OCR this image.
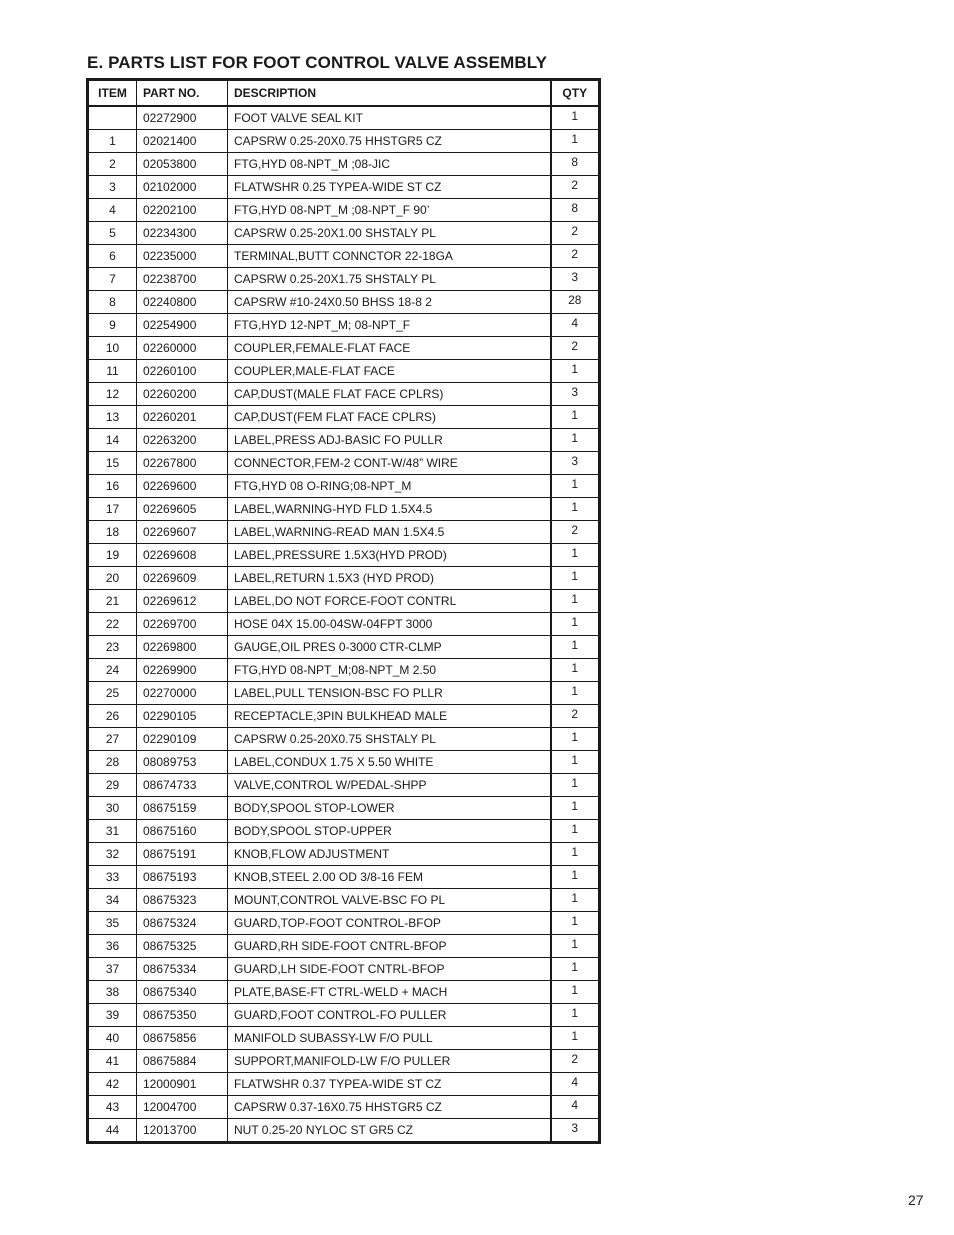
E. PARTS LIST FOR FOOT CONTROL VALVE ASSEMBLY
ITEM	PART NO.	DESCRIPTION	QTY
	02272900	FOOT VALVE SEAL KIT	1
1	02021400	CAPSRW 0.25-20X0.75 HHSTGR5 CZ	1
2	02053800	FTG,HYD 08-NPT_M ;08-JIC	8
3	02102000	FLATWSHR 0.25 TYPEA-WIDE ST CZ	2
4	02202100	FTG,HYD 08-NPT_M ;08-NPT_F 90’	8
5	02234300	CAPSRW 0.25-20X1.00 SHSTALY PL	2
6	02235000	TERMINAL,BUTT CONNCTOR 22-18GA	2
7	02238700	CAPSRW 0.25-20X1.75 SHSTALY PL	3
8	02240800	CAPSRW #10-24X0.50 BHSS 18-8 2	28
9	02254900	FTG,HYD 12-NPT_M; 08-NPT_F	4
10	02260000	COUPLER,FEMALE-FLAT FACE	2
11	02260100	COUPLER,MALE-FLAT FACE	1
12	02260200	CAP,DUST(MALE FLAT FACE CPLRS)	3
13	02260201	CAP,DUST(FEM FLAT FACE CPLRS)	1
14	02263200	LABEL,PRESS ADJ-BASIC FO PULLR	1
15	02267800	CONNECTOR,FEM-2 CONT-W/48” WIRE	3
16	02269600	FTG,HYD 08 O-RING;08-NPT_M	1
17	02269605	LABEL,WARNING-HYD FLD 1.5X4.5	1
18	02269607	LABEL,WARNING-READ MAN 1.5X4.5	2
19	02269608	LABEL,PRESSURE 1.5X3(HYD PROD)	1
20	02269609	LABEL,RETURN 1.5X3 (HYD PROD)	1
21	02269612	LABEL,DO NOT FORCE-FOOT CONTRL	1
22	02269700	HOSE 04X 15.00-04SW-04FPT 3000	1
23	02269800	GAUGE,OIL PRES 0-3000 CTR-CLMP	1
24	02269900	FTG,HYD 08-NPT_M;08-NPT_M 2.50	1
25	02270000	LABEL,PULL TENSION-BSC FO PLLR	1
26	02290105	RECEPTACLE,3PIN BULKHEAD MALE	2
27	02290109	CAPSRW 0.25-20X0.75 SHSTALY PL	1
28	08089753	LABEL,CONDUX 1.75 X 5.50 WHITE	1
29	08674733	VALVE,CONTROL W/PEDAL-SHPP	1
30	08675159	BODY,SPOOL STOP-LOWER	1
31	08675160	BODY,SPOOL STOP-UPPER	1
32	08675191	KNOB,FLOW ADJUSTMENT	1
33	08675193	KNOB,STEEL 2.00 OD 3/8-16 FEM	1
34	08675323	MOUNT,CONTROL VALVE-BSC FO PL	1
35	08675324	GUARD,TOP-FOOT CONTROL-BFOP	1
36	08675325	GUARD,RH SIDE-FOOT CNTRL-BFOP	1
37	08675334	GUARD,LH SIDE-FOOT CNTRL-BFOP	1
38	08675340	PLATE,BASE-FT CTRL-WELD + MACH	1
39	08675350	GUARD,FOOT CONTROL-FO PULLER	1
40	08675856	MANIFOLD SUBASSY-LW F/O PULL	1
41	08675884	SUPPORT,MANIFOLD-LW F/O PULLER	2
42	12000901	FLATWSHR 0.37 TYPEA-WIDE ST CZ	4
43	12004700	CAPSRW 0.37-16X0.75 HHSTGR5 CZ	4
44	12013700	NUT 0.25-20 NYLOC ST GR5 CZ	3

27
